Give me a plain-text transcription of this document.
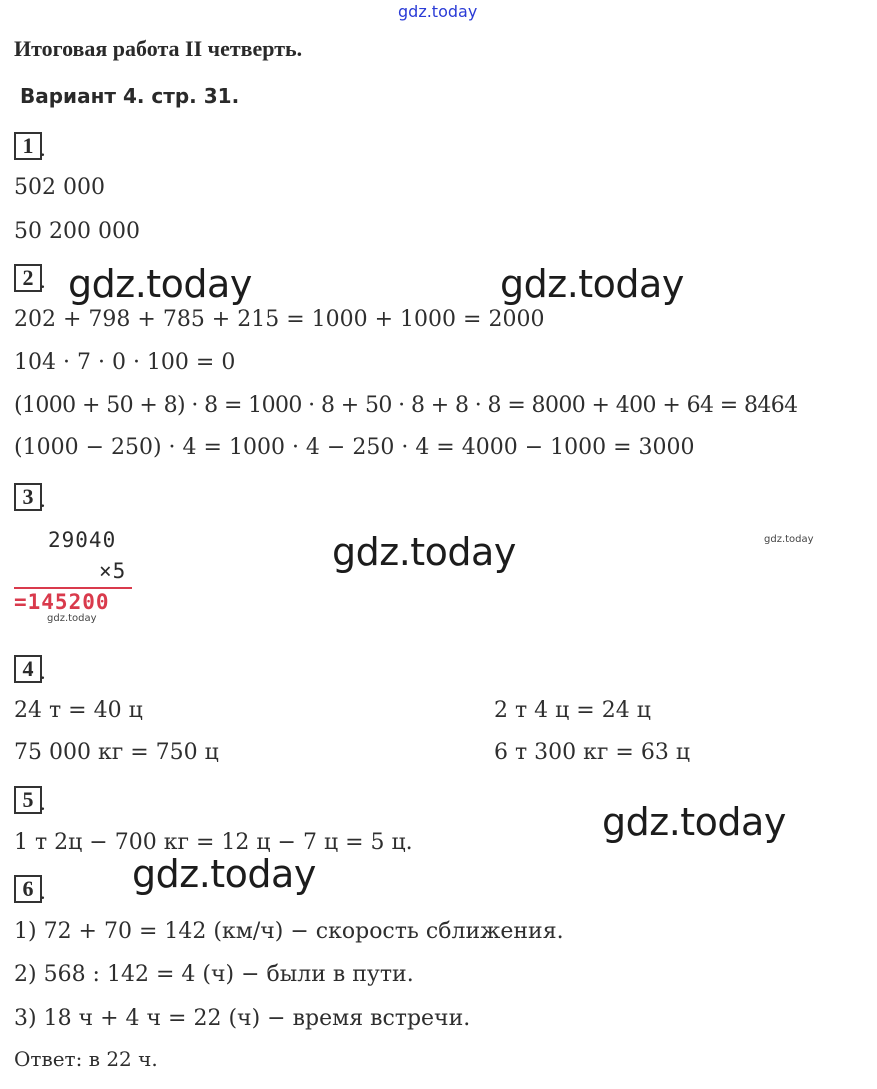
gdz.today
Итоговая работа II четверть.
Вариант 4. стр. 31.
1 .
502 000
50 200 000
2 . gdz.today	gdz.today
202 + 798 + 785 + 215 = 1000 + 1000 = 2000
104 · 7 · 0 · 100 = 0
(1000 + 50 + 8) · 8 = 1000 · 8 + 50 · 8 + 8 · 8 = 8000 + 400 + 64 = 8464
(1000 − 250) · 4 = 1000 · 4 − 250 · 4 = 4000 − 1000 = 3000
3 .
29040
×5
=145200
gdz.today
gdz.today	gdz.today
4 .
24 т = 40 ц	2 т 4 ц = 24 ц
75 000 кг = 750 ц	6 т 300 кг = 63 ц
5 .	gdz.today
1 т 2ц − 700 кг = 12 ц − 7 ц = 5 ц.
6 . gdz.today
1) 72 + 70 = 142 (км/ч) − скорость сближения.
2) 568 : 142 = 4 (ч) − были в пути.
3) 18 ч + 4 ч = 22 (ч) − время встречи.
Ответ: в 22 ч.
